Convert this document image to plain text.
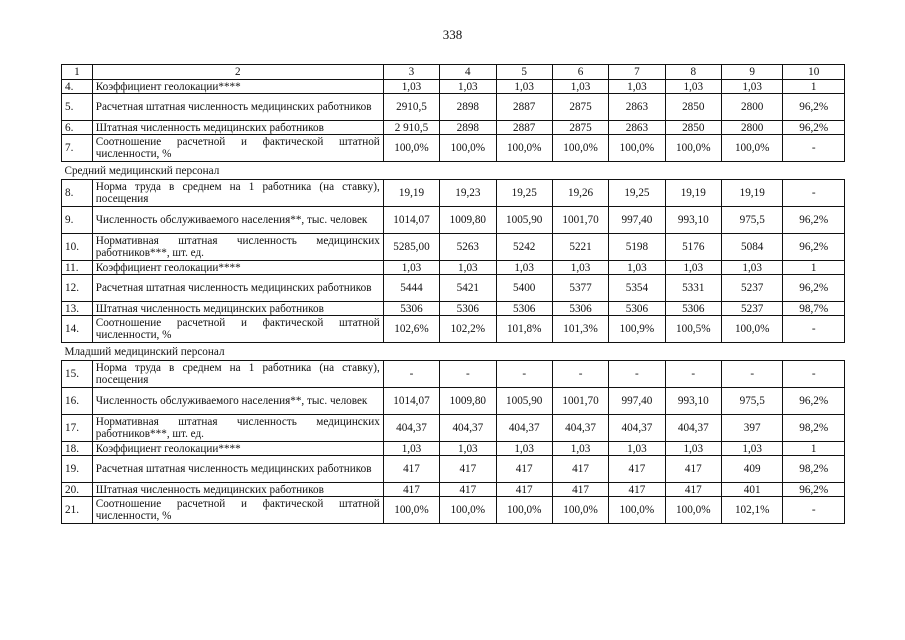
338
1	2	3	4	5	6	7	8	9	10
4.	Коэффициент геолокации****	1,03	1,03	1,03	1,03	1,03	1,03	1,03	1
5.	Расчетная штатная численность медицинских работников	2910,5	2898	2887	2875	2863	2850	2800	96,2%
6.	Штатная численность медицинских работников	2 910,5	2898	2887	2875	2863	2850	2800	96,2%
7.	Соотношение расчетной и фактической штатной численности, %	100,0%	100,0%	100,0%	100,0%	100,0%	100,0%	100,0%	-
Средний медицинский персонал									
8.	Норма труда в среднем на 1 работника (на ставку), посещения	19,19	19,23	19,25	19,26	19,25	19,19	19,19	-
9.	Численность обслуживаемого населения**, тыс. человек	1014,07	1009,80	1005,90	1001,70	997,40	993,10	975,5	96,2%
10.	Нормативная штатная численность медицинских работников***, шт. ед.	5285,00	5263	5242	5221	5198	5176	5084	96,2%
11.	Коэффициент геолокации****	1,03	1,03	1,03	1,03	1,03	1,03	1,03	1
12.	Расчетная штатная численность медицинских работников	5444	5421	5400	5377	5354	5331	5237	96,2%
13.	Штатная численность медицинских работников	5306	5306	5306	5306	5306	5306	5237	98,7%
14.	Соотношение расчетной и фактической штатной численности, %	102,6%	102,2%	101,8%	101,3%	100,9%	100,5%	100,0%	-
Младший медицинский персонал									
15.	Норма труда в среднем на 1 работника (на ставку), посещения	-	-	-	-	-	-	-	-
16.	Численность обслуживаемого населения**, тыс. человек	1014,07	1009,80	1005,90	1001,70	997,40	993,10	975,5	96,2%
17.	Нормативная штатная численность медицинских работников***, шт. ед.	404,37	404,37	404,37	404,37	404,37	404,37	397	98,2%
18.	Коэффициент геолокации****	1,03	1,03	1,03	1,03	1,03	1,03	1,03	1
19.	Расчетная штатная численность медицинских работников	417	417	417	417	417	417	409	98,2%
20.	Штатная численность медицинских работников	417	417	417	417	417	417	401	96,2%
21.	Соотношение расчетной и фактической штатной численности, %	100,0%	100,0%	100,0%	100,0%	100,0%	100,0%	102,1%	-
